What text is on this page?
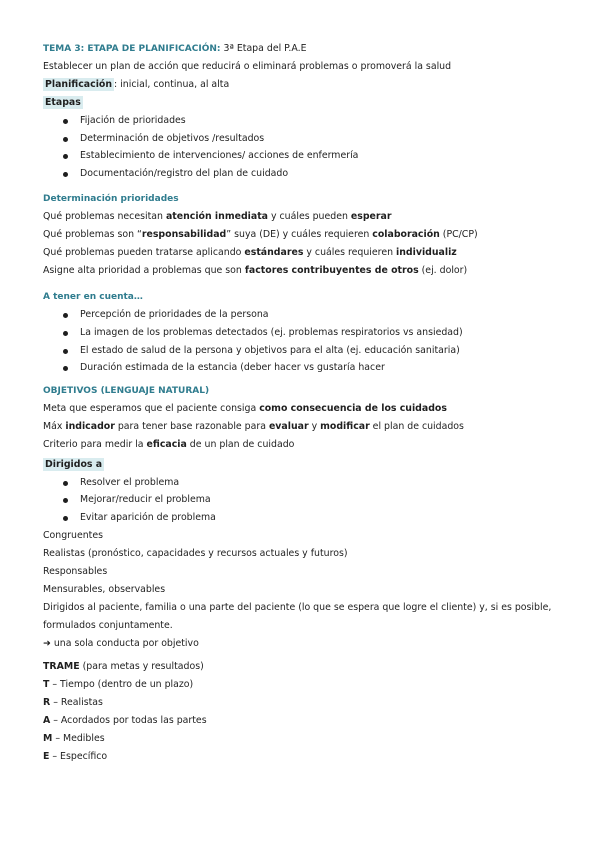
TEMA 3: ETAPA DE PLANIFICACIÓN: 3ª Etapa del P.A.E
Establecer un plan de acción que reducirá o eliminará problemas o promoverá la salud
Planificación : inicial, continua, al alta
Etapas
Fijación de prioridades
Determinación de objetivos /resultados
Establecimiento de intervenciones/ acciones de enfermería
Documentación/registro del plan de cuidado
Determinación prioridades
Qué problemas necesitan atención inmediata y cuáles pueden esperar
Qué problemas son “responsabilidad” suya (DE) y cuáles requieren colaboración (PC/CP)
Qué problemas pueden tratarse aplicando estándares y cuáles requieren individualiz
Asigne alta prioridad a problemas que son factores contribuyentes de otros (ej. dolor)
A tener en cuenta…
Percepción de prioridades de la persona
La imagen de los problemas detectados (ej. problemas respiratorios vs ansiedad)
El estado de salud de la persona y objetivos para el alta (ej. educación sanitaria)
Duración estimada de la estancia (deber hacer vs gustaría hacer
OBJETIVOS (LENGUAJE NATURAL)
Meta que esperamos que el paciente consiga como consecuencia de los cuidados
Máx indicador para tener base razonable para evaluar y modificar el plan de cuidados
Criterio para medir la eficacia de un plan de cuidado
Dirigidos a
Resolver el problema
Mejorar/reducir el problema
Evitar aparición de problema
Congruentes
Realistas (pronóstico, capacidades y recursos actuales y futuros)
Responsables
Mensurables, observables
Dirigidos al paciente, familia o una parte del paciente (lo que se espera que logre el cliente) y, si es posible,
formulados conjuntamente.
➜ una sola conducta por objetivo
TRAME (para metas y resultados)
T – Tiempo (dentro de un plazo)
R – Realistas
A – Acordados por todas las partes
M – Medibles
E – Específico
